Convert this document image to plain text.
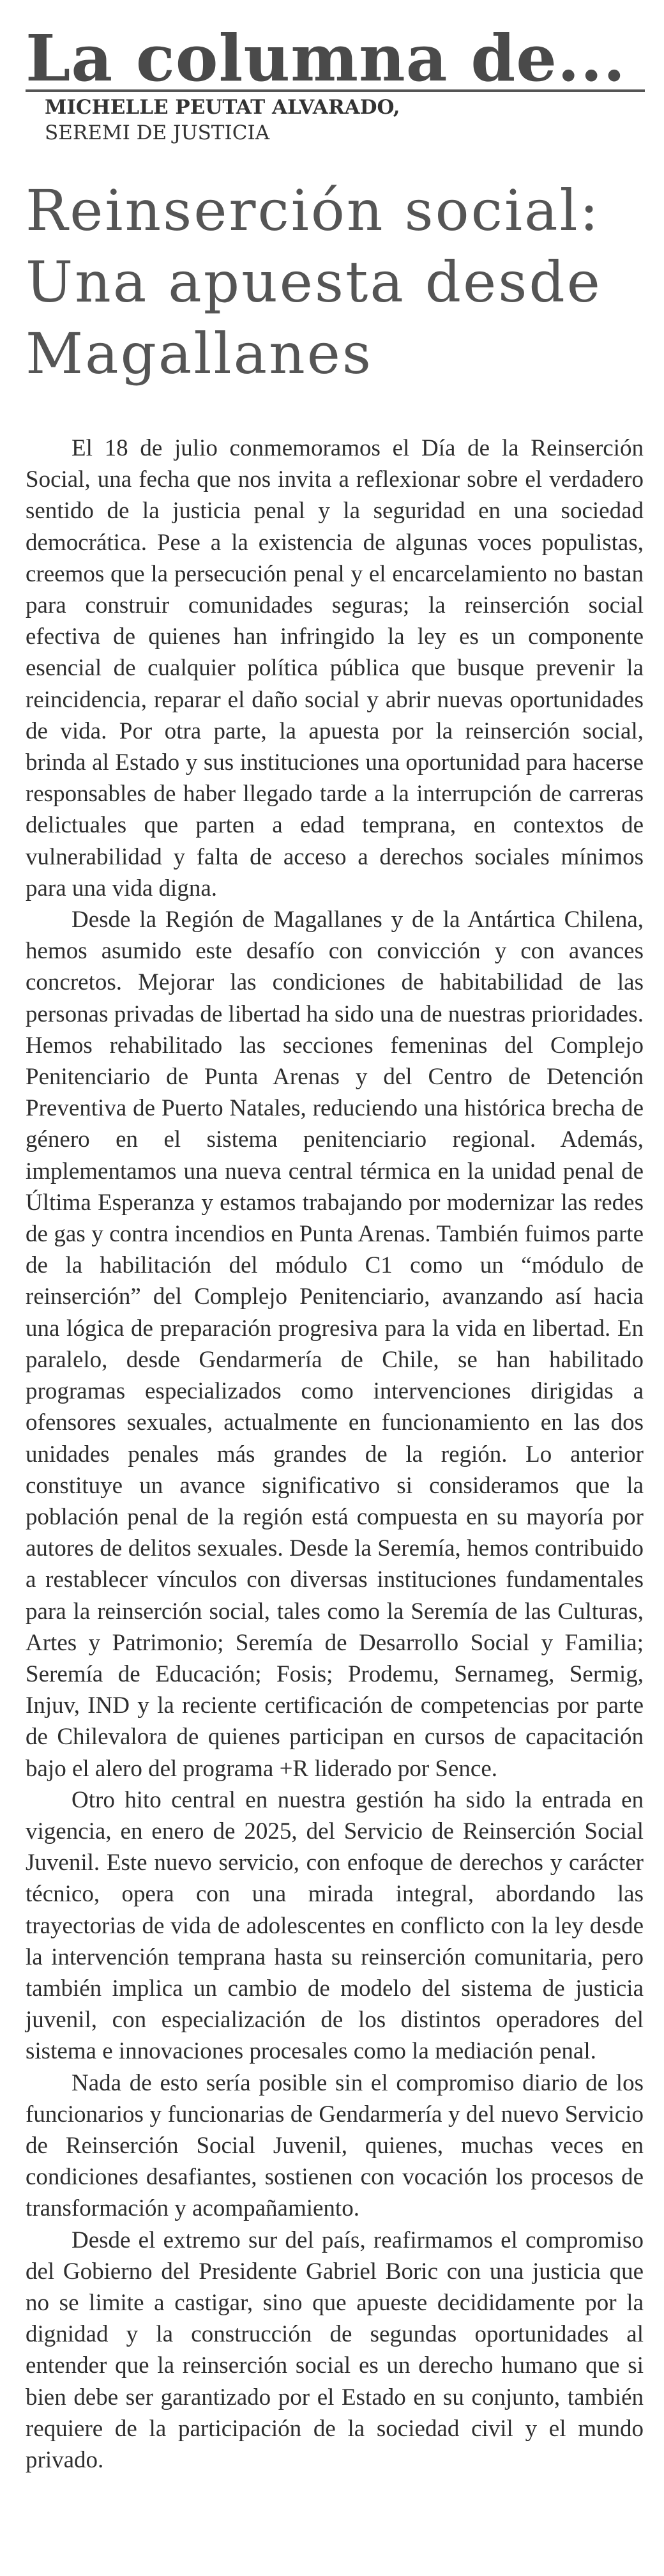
La columna de...
MICHELLE PEUTAT ALVARADO,
SEREMI DE JUSTICIA
Reinserción social:
Una apuesta desde
Magallanes

El 18 de julio conmemoramos el Día de la Reinserción Social, una fecha que nos invita a reflexionar sobre el verdadero sentido de la justicia penal y la seguridad en una sociedad democrática. Pese a la existencia de algunas voces populistas, creemos que la persecución penal y el encarcelamiento no bastan para construir comunidades seguras; la reinserción social efectiva de quienes han infringido la ley es un componente esencial de cualquier política pública que busque prevenir la reincidencia, reparar el daño social y abrir nuevas oportunidades de vida. Por otra parte, la apuesta por la reinserción social, brinda al Estado y sus instituciones una oportunidad para hacerse responsables de haber llegado tarde a la interrupción de carreras delictuales que parten a edad temprana, en contextos de vulnerabilidad y falta de acceso a derechos sociales mínimos para una vida digna.

Desde la Región de Magallanes y de la Antártica Chilena, hemos asumido este desafío con convicción y con avances concretos. Mejorar las condiciones de habitabilidad de las personas privadas de libertad ha sido una de nuestras prioridades. Hemos rehabilitado las secciones femeninas del Complejo Penitenciario de Punta Arenas y del Centro de Detención Preventiva de Puerto Natales, reduciendo una histórica brecha de género en el sistema penitenciario regional. Además, implementamos una nueva central térmica en la unidad penal de Última Esperanza y estamos trabajando por modernizar las redes de gas y contra incendios en Punta Arenas. También fuimos parte de la habilitación del módulo C1 como un “módulo de reinserción” del Complejo Penitenciario, avanzando así hacia una lógica de preparación progresiva para la vida en libertad. En paralelo, desde Gendarmería de Chile, se han habilitado programas especializados como intervenciones dirigidas a ofensores sexuales, actualmente en funcionamiento en las dos unidades penales más grandes de la región. Lo anterior constituye un avance significativo si consideramos que la población penal de la región está compuesta en su mayoría por autores de delitos sexuales. Desde la Seremía, hemos contribuido a restablecer vínculos con diversas instituciones fundamentales para la reinserción social, tales como la Seremía de las Culturas, Artes y Patrimonio; Seremía de Desarrollo Social y Familia; Seremía de Educación; Fosis; Prodemu, Sernameg, Sermig, Injuv, IND y la reciente certificación de competencias por parte de Chilevalora de quienes participan en cursos de capacitación bajo el alero del programa +R liderado por Sence.

Otro hito central en nuestra gestión ha sido la entrada en vigencia, en enero de 2025, del Servicio de Reinserción Social Juvenil. Este nuevo servicio, con enfoque de derechos y carácter técnico, opera con una mirada integral, abordando las trayectorias de vida de adolescentes en conflicto con la ley desde la intervención temprana hasta su reinserción comunitaria, pero también implica un cambio de modelo del sistema de justicia juvenil, con especialización de los distintos operadores del sistema e innovaciones procesales como la mediación penal.

Nada de esto sería posible sin el compromiso diario de los funcionarios y funcionarias de Gendarmería y del nuevo Servicio de Reinserción Social Juvenil, quienes, muchas veces en condiciones desafiantes, sostienen con vocación los procesos de transformación y acompañamiento.

Desde el extremo sur del país, reafirmamos el compromiso del Gobierno del Presidente Gabriel Boric con una justicia que no se limite a castigar, sino que apueste decididamente por la dignidad y la construcción de segundas oportunidades al entender que la reinserción social es un derecho humano que si bien debe ser garantizado por el Estado en su conjunto, también requiere de la participación de la sociedad civil y el mundo privado.
